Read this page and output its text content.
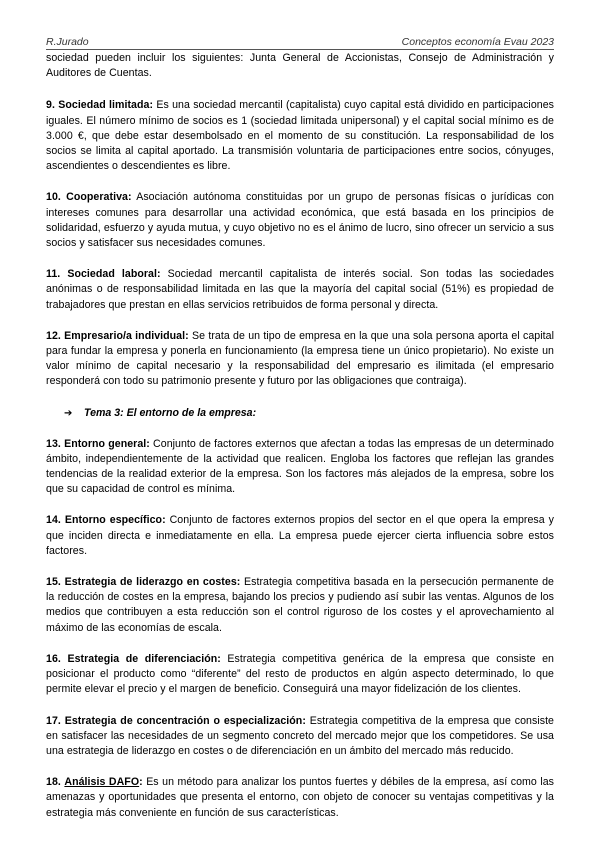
R.Jurado	Conceptos economía Evau 2023

sociedad pueden incluir los siguientes: Junta General de Accionistas, Consejo de Administración y Auditores de Cuentas.

9. Sociedad limitada: Es una sociedad mercantil (capitalista) cuyo capital está dividido en participaciones iguales. El número mínimo de socios es 1 (sociedad limitada unipersonal) y el capital social mínimo es de 3.000 €, que debe estar desembolsado en el momento de su constitución. La responsabilidad de los socios se limita al capital aportado. La transmisión voluntaria de participaciones entre socios, cónyuges, ascendientes o descendientes es libre.

10. Cooperativa: Asociación autónoma constituidas por un grupo de personas físicas o jurídicas con intereses comunes para desarrollar una actividad económica, que está basada en los principios de solidaridad, esfuerzo y ayuda mutua, y cuyo objetivo no es el ánimo de lucro, sino ofrecer un servicio a sus socios y satisfacer sus necesidades comunes.

11. Sociedad laboral: Sociedad mercantil capitalista de interés social. Son todas las sociedades anónimas o de responsabilidad limitada en las que la mayoría del capital social (51%) es propiedad de trabajadores que prestan en ellas servicios retribuidos de forma personal y directa.

12. Empresario/a individual: Se trata de un tipo de empresa en la que una sola persona aporta el capital para fundar la empresa y ponerla en funcionamiento (la empresa tiene un único propietario). No existe un valor mínimo de capital necesario y la responsabilidad del empresario es ilimitada (el empresario responderá con todo su patrimonio presente y futuro por las obligaciones que contraiga).

➔	Tema 3: El entorno de la empresa:

13. Entorno general: Conjunto de factores externos que afectan a todas las empresas de un determinado ámbito, independientemente de la actividad que realicen. Engloba los factores que reflejan las grandes tendencias de la realidad exterior de la empresa. Son los factores más alejados de la empresa, sobre los que su capacidad de control es mínima.

14. Entorno específico: Conjunto de factores externos propios del sector en el que opera la empresa y que inciden directa e inmediatamente en ella. La empresa puede ejercer cierta influencia sobre estos factores.

15. Estrategia de liderazgo en costes: Estrategia competitiva basada en la persecución permanente de la reducción de costes en la empresa, bajando los precios y pudiendo así subir las ventas. Algunos de los medios que contribuyen a esta reducción son el control riguroso de los costes y el aprovechamiento al máximo de las economías de escala.

16. Estrategia de diferenciación: Estrategia competitiva genérica de la empresa que consiste en posicionar el producto como “diferente” del resto de productos en algún aspecto determinado, lo que permite elevar el precio y el margen de beneficio. Conseguirá una mayor fidelización de los clientes.

17. Estrategia de concentración o especialización: Estrategia competitiva de la empresa que consiste en satisfacer las necesidades de un segmento concreto del mercado mejor que los competidores. Se usa una estrategia de liderazgo en costes o de diferenciación en un ámbito del mercado más reducido.

18. Análisis DAFO: Es un método para analizar los puntos fuertes y débiles de la empresa, así como las amenazas y oportunidades que presenta el entorno, con objeto de conocer su ventajas competitivas y la estrategia más conveniente en función de sus características.
